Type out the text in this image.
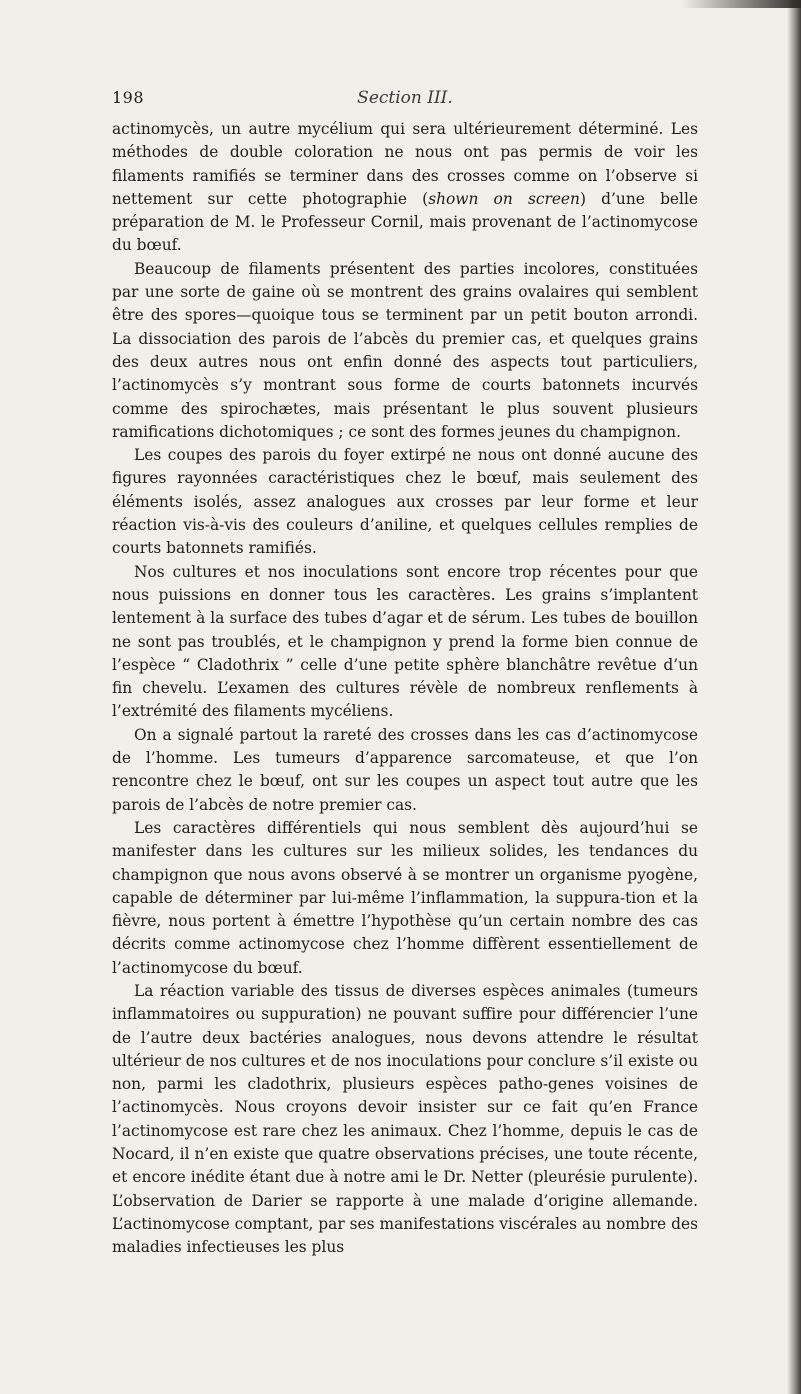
198	Section III.

actinomycès, un autre mycélium qui sera ultérieurement déterminé. Les méthodes de double coloration ne nous ont pas permis de voir les filaments ramifiés se terminer dans des crosses comme on l’observe si nettement sur cette photographie (shown on screen) d’une belle préparation de M. le Professeur Cornil, mais provenant de l’actinomycose du bœuf.

Beaucoup de filaments présentent des parties incolores, constituées par une sorte de gaine où se montrent des grains ovalaires qui semblent être des spores—quoique tous se terminent par un petit bouton arrondi. La dissociation des parois de l’abcès du premier cas, et quelques grains des deux autres nous ont enfin donné des aspects tout particuliers, l’actinomycès s’y montrant sous forme de courts batonnets incurvés comme des spirochætes, mais présentant le plus souvent plusieurs ramifications dichotomiques ; ce sont des formes jeunes du champignon.

Les coupes des parois du foyer extirpé ne nous ont donné aucune des figures rayonnées caractéristiques chez le bœuf, mais seulement des éléments isolés, assez analogues aux crosses par leur forme et leur réaction vis-à-vis des couleurs d’aniline, et quelques cellules remplies de courts batonnets ramifiés.

Nos cultures et nos inoculations sont encore trop récentes pour que nous puissions en donner tous les caractères. Les grains s’implantent lentement à la surface des tubes d’agar et de sérum. Les tubes de bouillon ne sont pas troublés, et le champignon y prend la forme bien connue de l’espèce “ Cladothrix ” celle d’une petite sphère blanchâtre revêtue d’un fin chevelu. L’examen des cultures révèle de nombreux renflements à l’extrémité des filaments mycéliens.

On a signalé partout la rareté des crosses dans les cas d’actinomycose de l’homme. Les tumeurs d’apparence sarcomateuse, et que l’on rencontre chez le bœuf, ont sur les coupes un aspect tout autre que les parois de l’abcès de notre premier cas.

Les caractères différentiels qui nous semblent dès aujourd’hui se manifester dans les cultures sur les milieux solides, les tendances du champignon que nous avons observé à se montrer un organisme pyogène, capable de déterminer par lui-même l’inflammation, la suppura-tion et la fièvre, nous portent à émettre l’hypothèse qu’un certain nombre des cas décrits comme actinomycose chez l’homme diffèrent essentiellement de l’actinomycose du bœuf.

La réaction variable des tissus de diverses espèces animales (tumeurs inflammatoires ou suppuration) ne pouvant suffire pour différencier l’une de l’autre deux bactéries analogues, nous devons attendre le résultat ultérieur de nos cultures et de nos inoculations pour conclure s’il existe ou non, parmi les cladothrix, plusieurs espèces patho-genes voisines de l’actinomycès. Nous croyons devoir insister sur ce fait qu’en France l’actinomycose est rare chez les animaux. Chez l’homme, depuis le cas de Nocard, il n’en existe que quatre observations précises, une toute récente, et encore inédite étant due à notre ami le Dr. Netter (pleurésie purulente). L’observation de Darier se rapporte à une malade d’origine allemande. L’actinomycose comptant, par ses manifestations viscérales au nombre des maladies infectieuses les plus
